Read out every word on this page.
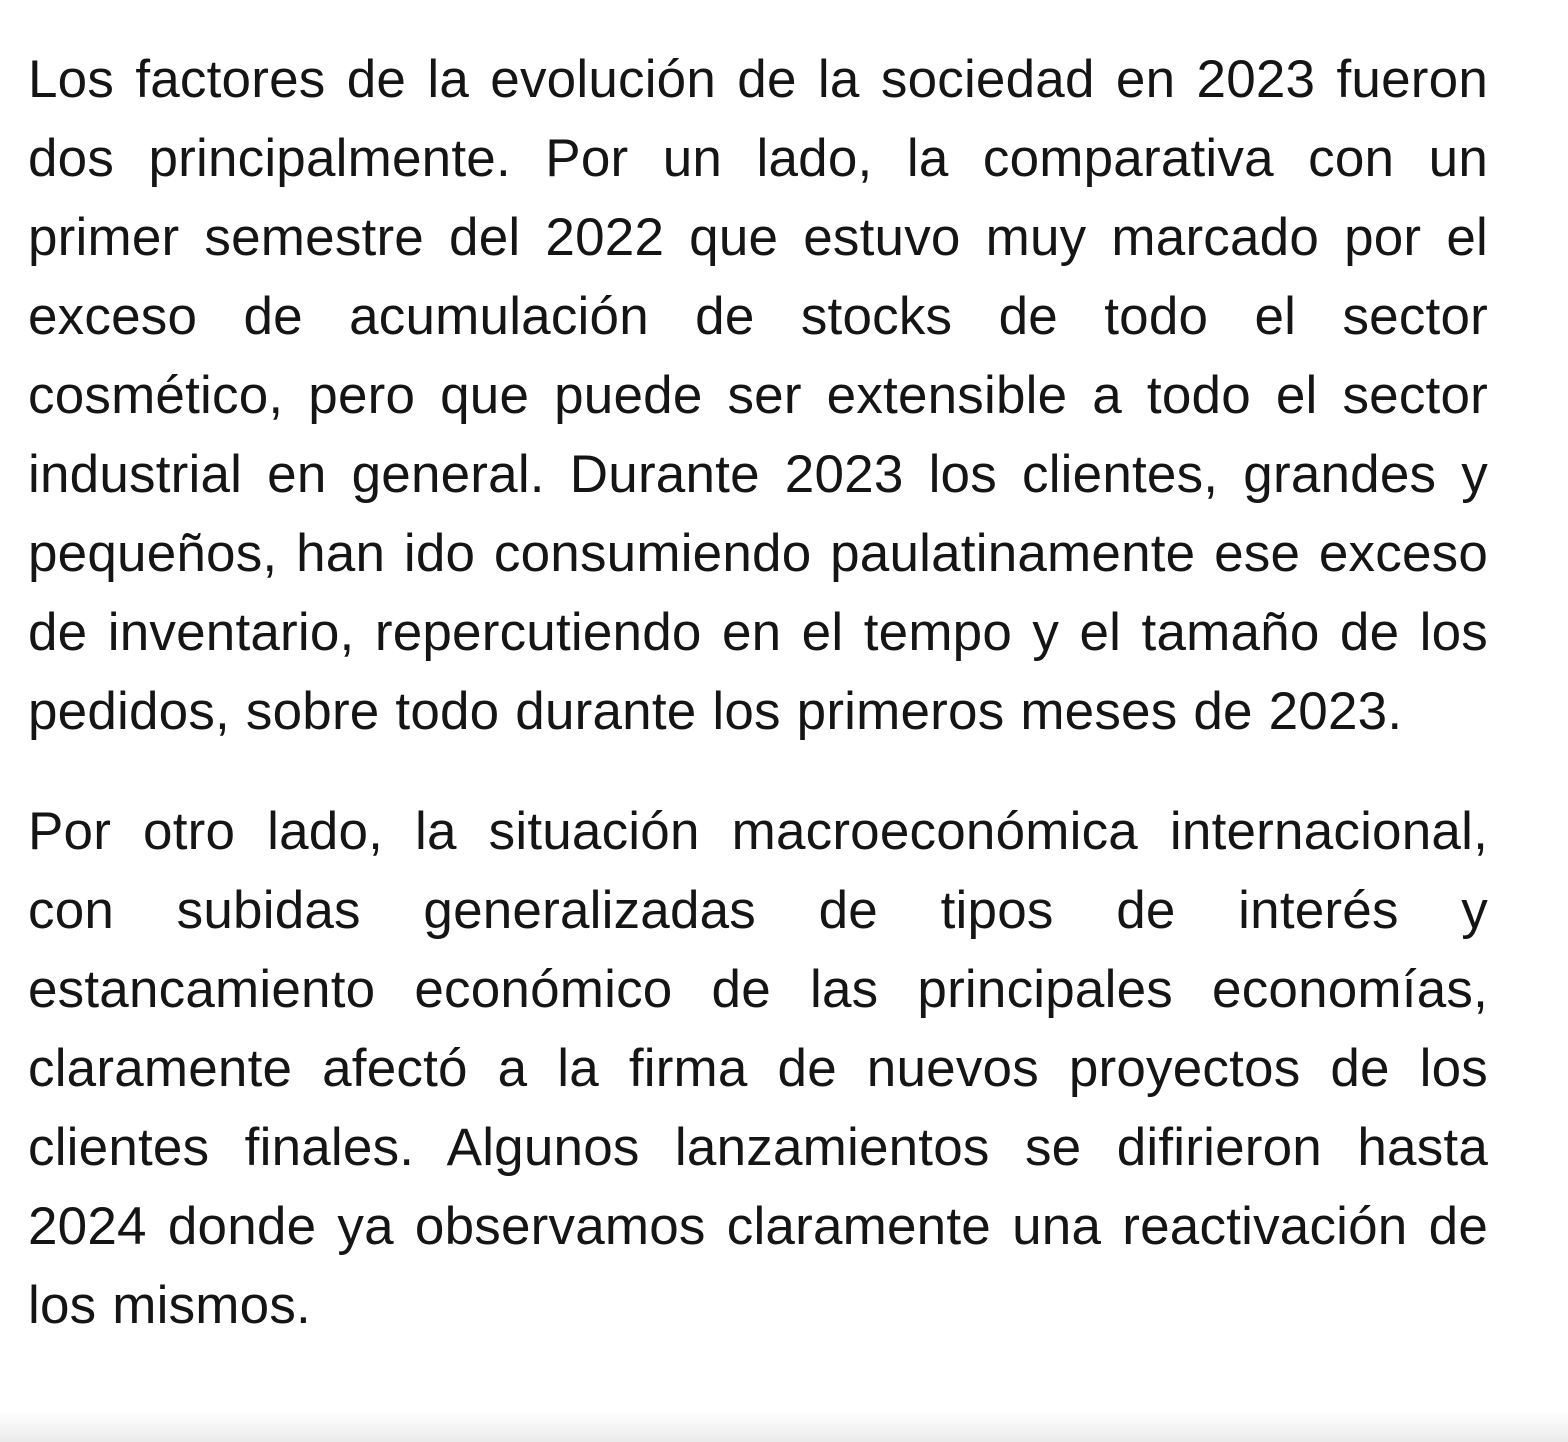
Los factores de la evolución de la sociedad en 2023 fueron dos principalmente. Por un lado, la comparativa con un primer semestre del 2022 que estuvo muy marcado por el exceso de acumulación de stocks de todo el sector cosmético, pero que puede ser extensible a todo el sector industrial en general. Durante 2023 los clientes, grandes y pequeños, han ido consumiendo paulatinamente ese exceso de inventario, repercutiendo en el tempo y el tamaño de los pedidos, sobre todo durante los primeros meses de 2023.

Por otro lado, la situación macroeconómica internacional, con subidas generalizadas de tipos de interés y estancamiento económico de las principales economías, claramente afectó a la firma de nuevos proyectos de los clientes finales. Algunos lanzamientos se difirieron hasta 2024 donde ya observamos claramente una reactivación de los mismos.
